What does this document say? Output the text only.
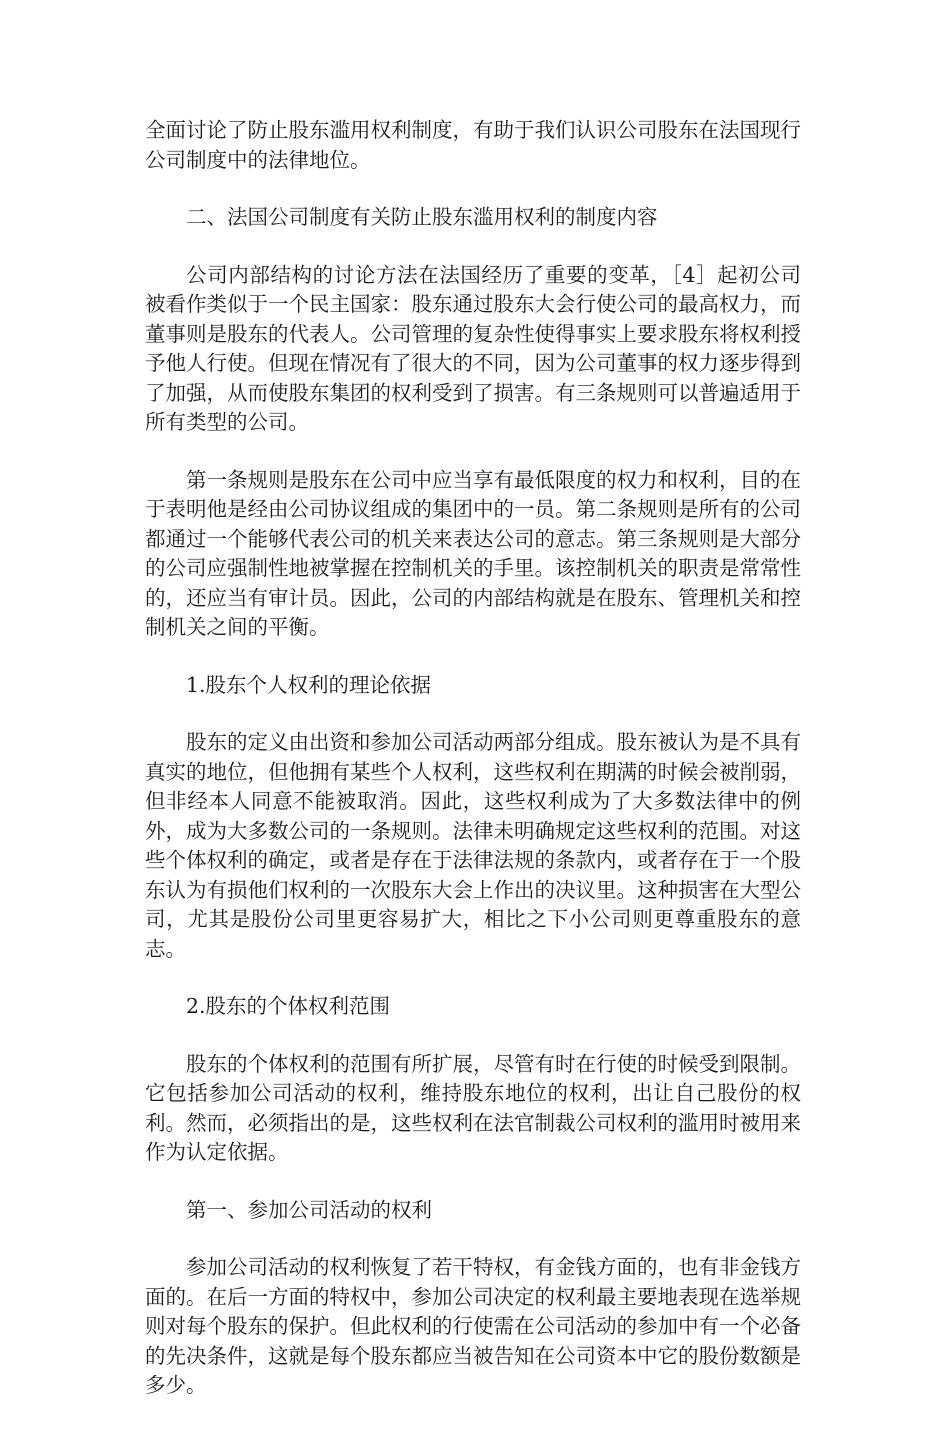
全面讨论了防止股东滥用权利制度，有助于我们认识公司股东在法国现行公司制度中的法律地位。

二、法国公司制度有关防止股东滥用权利的制度内容

公司内部结构的讨论方法在法国经历了重要的变革，［4］起初公司被看作类似于一个民主国家：股东通过股东大会行使公司的最高权力，而董事则是股东的代表人。公司管理的复杂性使得事实上要求股东将权利授予他人行使。但现在情况有了很大的不同，因为公司董事的权力逐步得到了加强，从而使股东集团的权利受到了损害。有三条规则可以普遍适用于所有类型的公司。

第一条规则是股东在公司中应当享有最低限度的权力和权利，目的在于表明他是经由公司协议组成的集团中的一员。第二条规则是所有的公司都通过一个能够代表公司的机关来表达公司的意志。第三条规则是大部分的公司应强制性地被掌握在控制机关的手里。该控制机关的职责是常常性的，还应当有审计员。因此，公司的内部结构就是在股东、管理机关和控制机关之间的平衡。

1.股东个人权利的理论依据

股东的定义由出资和参加公司活动两部分组成。股东被认为是不具有真实的地位，但他拥有某些个人权利，这些权利在期满的时候会被削弱，但非经本人同意不能被取消。因此，这些权利成为了大多数法律中的例外，成为大多数公司的一条规则。法律未明确规定这些权利的范围。对这些个体权利的确定，或者是存在于法律法规的条款内，或者存在于一个股东认为有损他们权利的一次股东大会上作出的决议里。这种损害在大型公司，尤其是股份公司里更容易扩大，相比之下小公司则更尊重股东的意志。

2.股东的个体权利范围

股东的个体权利的范围有所扩展，尽管有时在行使的时候受到限制。它包括参加公司活动的权利，维持股东地位的权利，出让自己股份的权利。然而，必须指出的是，这些权利在法官制裁公司权利的滥用时被用来作为认定依据。

第一、参加公司活动的权利

参加公司活动的权利恢复了若干特权，有金钱方面的，也有非金钱方面的。在后一方面的特权中，参加公司决定的权利最主要地表现在选举规则对每个股东的保护。但此权利的行使需在公司活动的参加中有一个必备的先决条件，这就是每个股东都应当被告知在公司资本中它的股份数额是多少。
